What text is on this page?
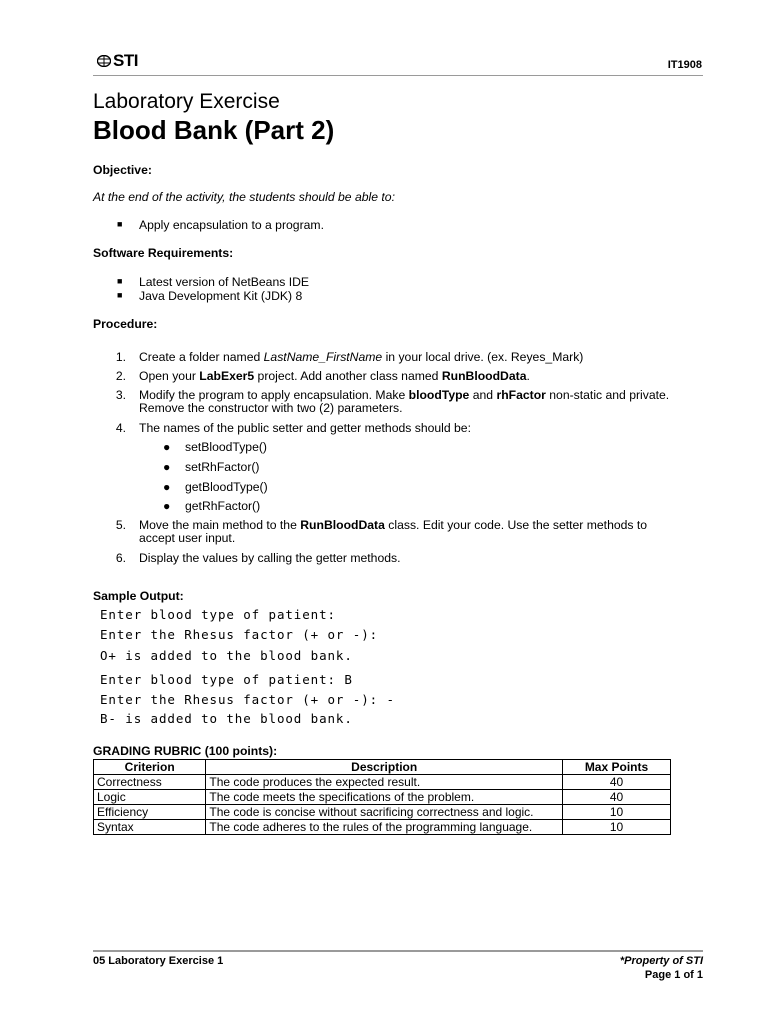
STI	IT1908
Laboratory Exercise
Blood Bank (Part 2)
Objective:
At the end of the activity, the students should be able to:
■ Apply encapsulation to a program.
Software Requirements:
■ Latest version of NetBeans IDE
■ Java Development Kit (JDK) 8
Procedure:
1. Create a folder named LastName_FirstName in your local drive. (ex. Reyes_Mark)
2. Open your LabExer5 project. Add another class named RunBloodData.
3. Modify the program to apply encapsulation. Make bloodType and rhFactor non-static and private.
Remove the constructor with two (2) parameters.
4. The names of the public setter and getter methods should be:
● setBloodType()
● setRhFactor()
● getBloodType()
● getRhFactor()
5. Move the main method to the RunBloodData class. Edit your code. Use the setter methods to
accept user input.
6. Display the values by calling the getter methods.
Sample Output:
Enter blood type of patient:
Enter the Rhesus factor (+ or -):
O+ is added to the blood bank.
Enter blood type of patient: B
Enter the Rhesus factor (+ or -): -
B- is added to the blood bank.
GRADING RUBRIC (100 points):
Criterion	Description	Max Points
Correctness	The code produces the expected result.	40
Logic	The code meets the specifications of the problem.	40
Efficiency	The code is concise without sacrificing correctness and logic.	10
Syntax	The code adheres to the rules of the programming language.	10
05 Laboratory Exercise 1	*Property of STI
Page 1 of 1
